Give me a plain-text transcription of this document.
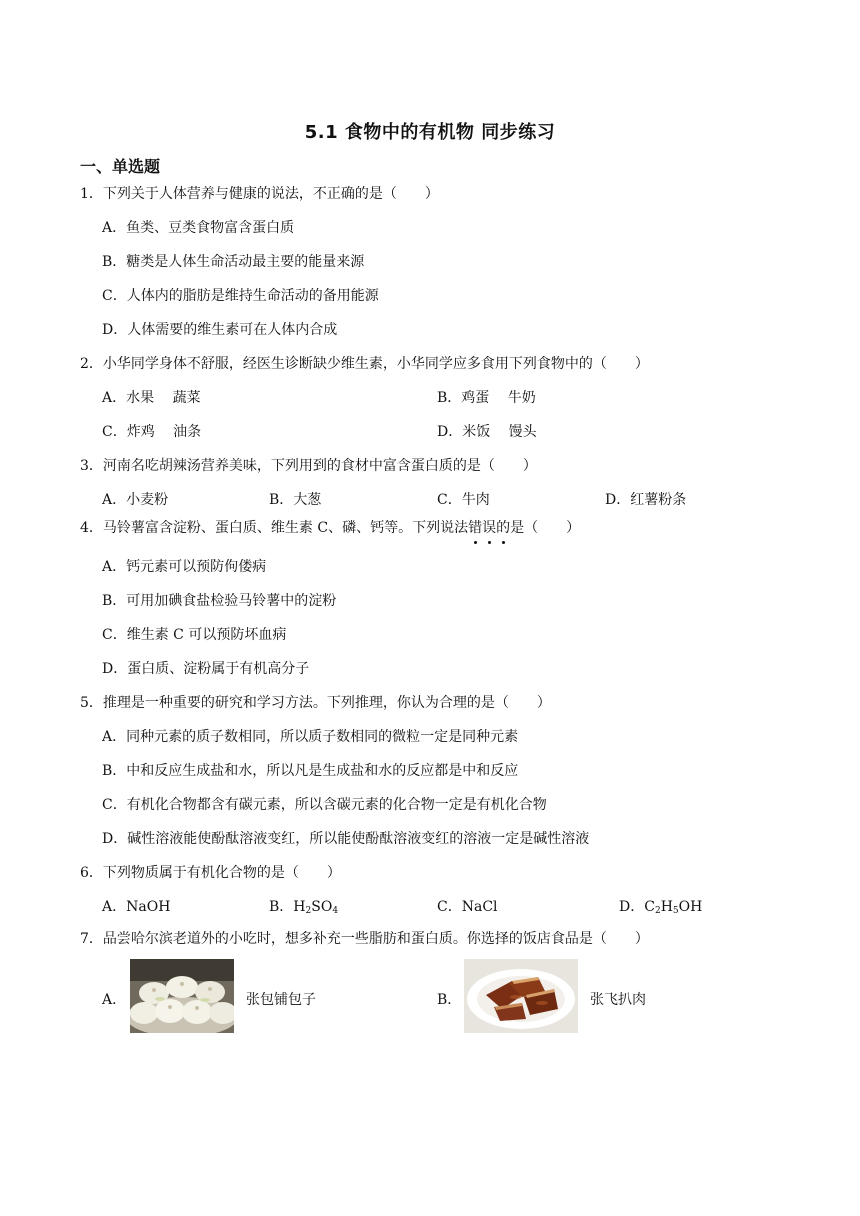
5.1 食物中的有机物 同步练习
一、单选题
1．下列关于人体营养与健康的说法，不正确的是（ ）
A．鱼类、豆类食物富含蛋白质
B．糖类是人体生命活动最主要的能量来源
C．人体内的脂肪是维持生命活动的备用能源
D．人体需要的维生素可在人体内合成
2．小华同学身体不舒服，经医生诊断缺少维生素，小华同学应多食用下列食物中的（ ）
A．水果　 蔬菜	B．鸡蛋　 牛奶
C．炸鸡　 油条	D．米饭　 馒头
3．河南名吃胡辣汤营养美味，下列用到的食材中富含蛋白质的是（ ）
A．小麦粉	B．大葱	C．牛肉	D．红薯粉条
4．马铃薯富含淀粉、蛋白质、维生素 C、磷、钙等。下列说法错误的是（ ）
A．钙元素可以预防佝偻病
B．可用加碘食盐检验马铃薯中的淀粉
C．维生素 C 可以预防坏血病
D．蛋白质、淀粉属于有机高分子
5．推理是一种重要的研究和学习方法。下列推理，你认为合理的是（ ）
A．同种元素的质子数相同，所以质子数相同的微粒一定是同种元素
B．中和反应生成盐和水，所以凡是生成盐和水的反应都是中和反应
C．有机化合物都含有碳元素，所以含碳元素的化合物一定是有机化合物
D．碱性溶液能使酚酞溶液变红，所以能使酚酞溶液变红的溶液一定是碱性溶液
6．下列物质属于有机化合物的是（ ）
A．NaOH	B．$H_2SO_4$	C．NaCl	D．$C_2H_5OH$
7．品尝哈尔滨老道外的小吃时，想多补充一些脂肪和蛋白质。你选择的饭店食品是（ ）
A．	张包铺包子	B．	张飞扒肉
